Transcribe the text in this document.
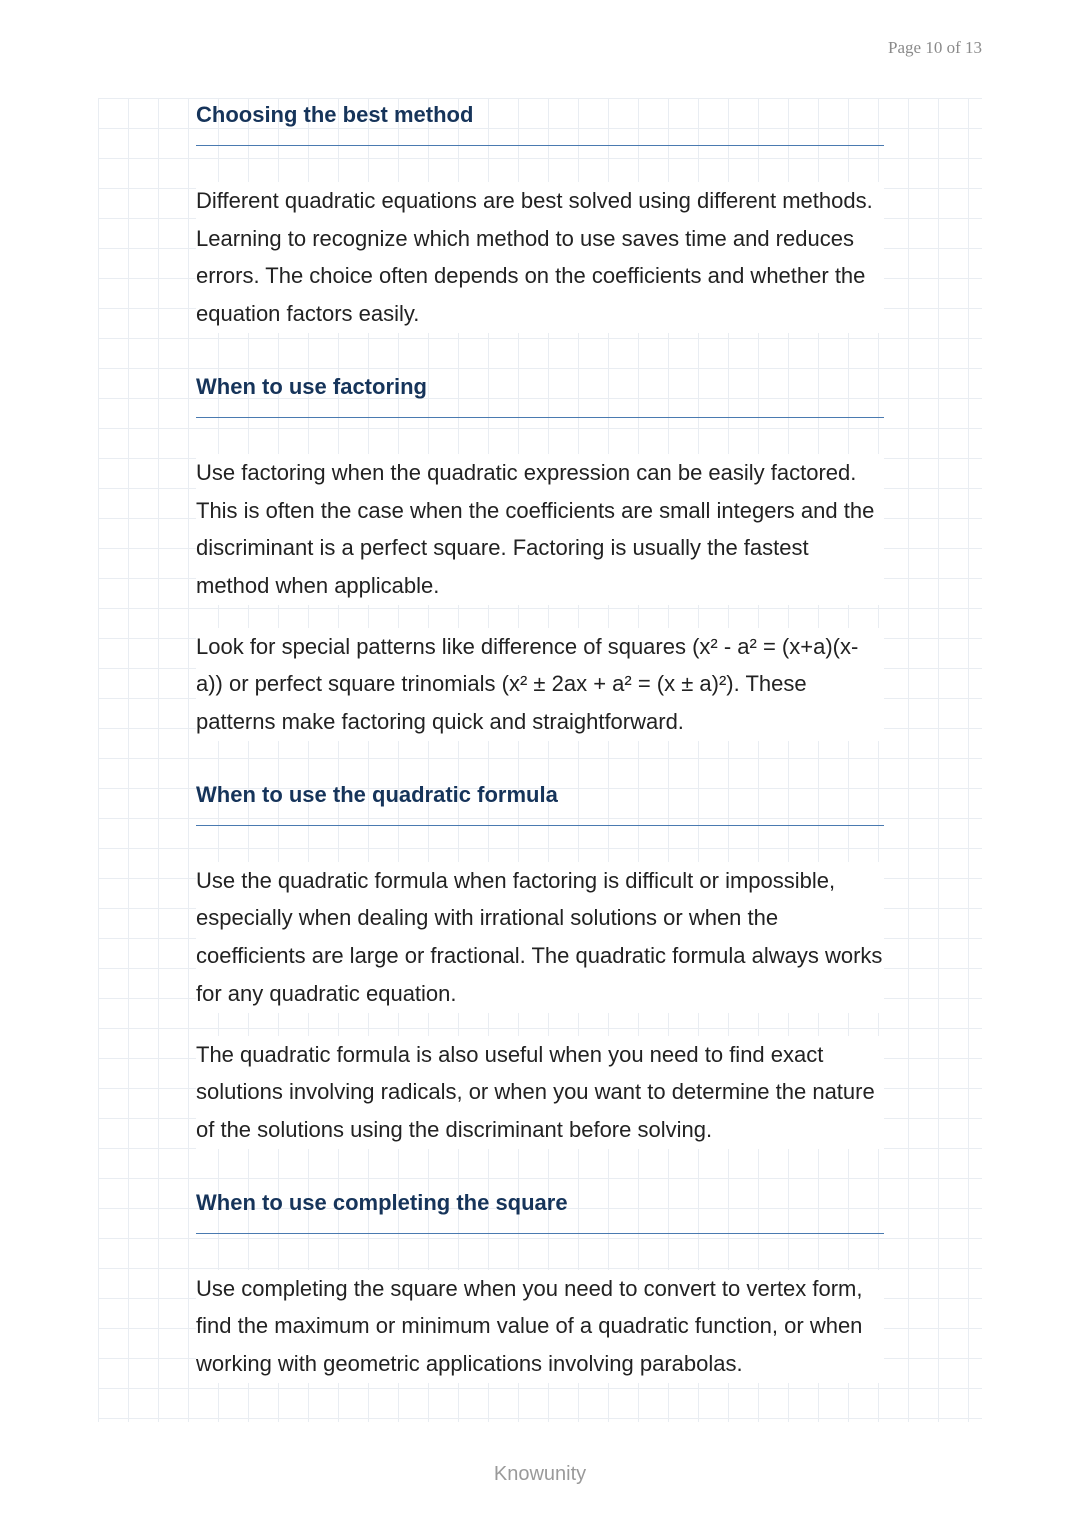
Page 10 of 13
Choosing the best method

Different quadratic equations are best solved using different methods. Learning to recognize which method to use saves time and reduces errors. The choice often depends on the coefficients and whether the equation factors easily.

When to use factoring

Use factoring when the quadratic expression can be easily factored. This is often the case when the coefficients are small integers and the discriminant is a perfect square. Factoring is usually the fastest method when applicable.

Look for special patterns like difference of squares (x² - a² = (x+a)(x-a)) or perfect square trinomials (x² ± 2ax + a² = (x ± a)²). These patterns make factoring quick and straightforward.

When to use the quadratic formula

Use the quadratic formula when factoring is difficult or impossible, especially when dealing with irrational solutions or when the coefficients are large or fractional. The quadratic formula always works for any quadratic equation.

The quadratic formula is also useful when you need to find exact solutions involving radicals, or when you want to determine the nature of the solutions using the discriminant before solving.

When to use completing the square

Use completing the square when you need to convert to vertex form, find the maximum or minimum value of a quadratic function, or when working with geometric applications involving parabolas.

Knowunity
